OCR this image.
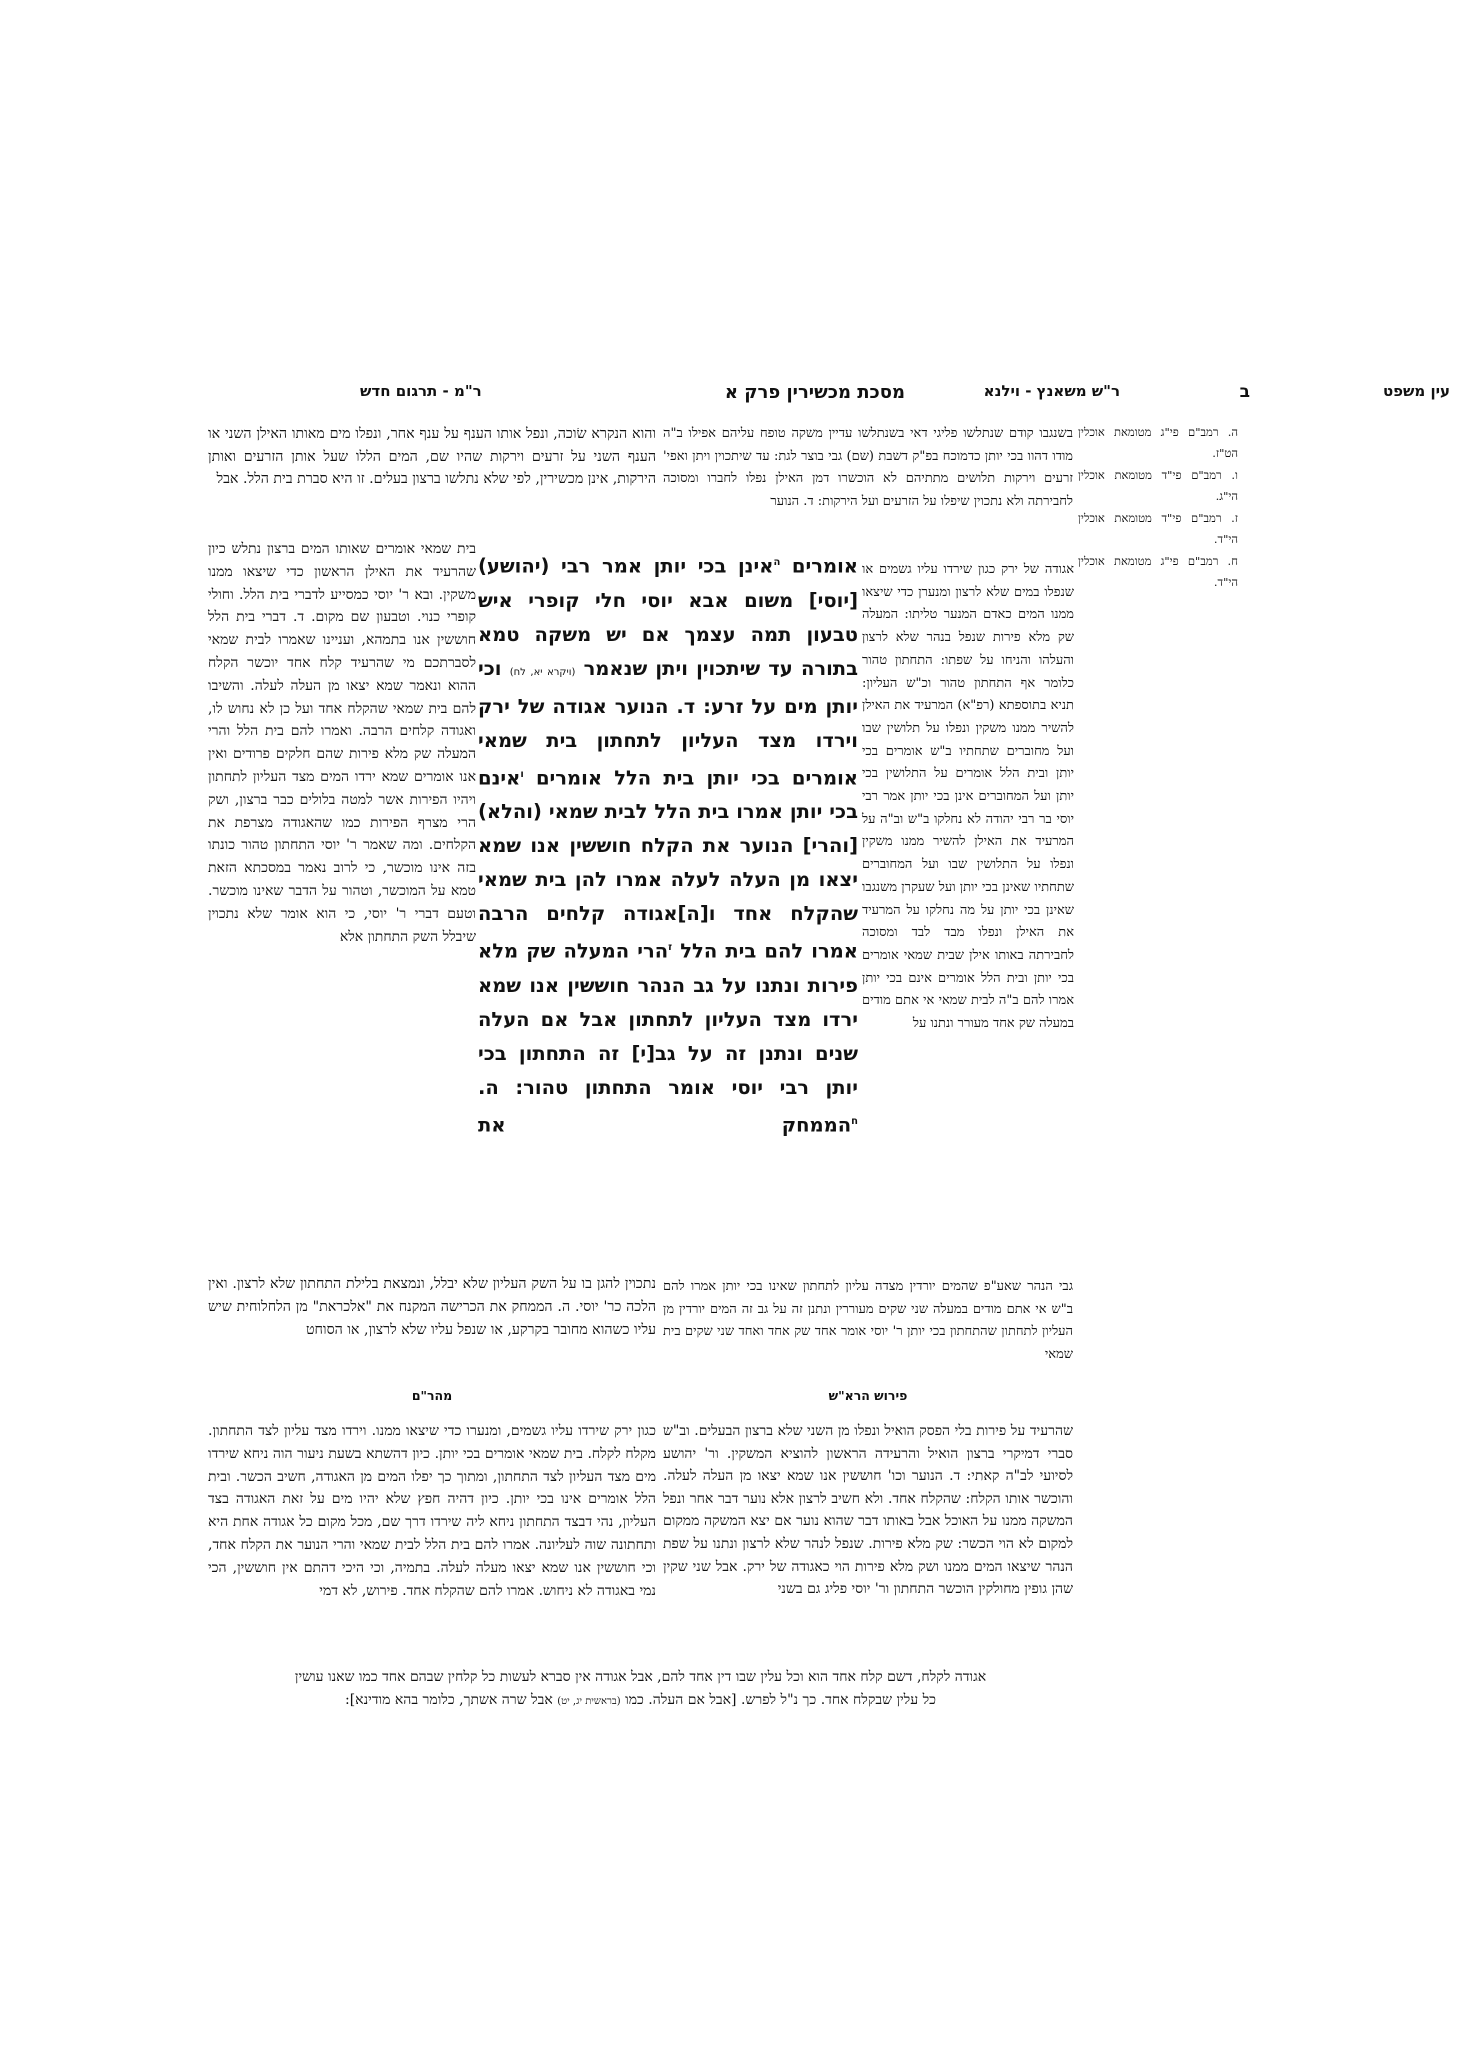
עין משפט
ב
ר"ש משאנץ - וילנא
מסכת מכשירין פרק א
ר"מ - תרגום חדש
ה. רמב"ם פי"ג מטומאת אוכלין הט"ז.
ו. רמב"ם פי"ד מטומאת אוכלין הי"ג.
ז. רמב"ם פי"ד מטומאת אוכלין הי"ד.
ח. רמב"ם פי"ג מטומאת אוכלין הי"ד.

בשנגבו קודם שנתלשו פליגי דאי בשנתלשו עדיין משקה טופח עליהם אפילו ב"ה מודו דהוו בכי יותן כדמוכח בפ"ק דשבת (שם) גבי בוצר לגת: עד שיתכוין ויתן ואפי' זרעים וירקות תלושים מתתיהם לא הוכשרו דמן האילן נפלו לחברו ומסוכה לחבירתה ולא נתכוין שיפלו על הזרעים ועל הירקות: ד. הנוער

אגודה של ירק כגון שירדו עליו גשמים או שנפלו במים שלא לרצון ומנערן כדי שיצאו ממנו המים כאדם המנער טליתו: המעלה שק מלא פירות שנפל בנהר שלא לרצון והעלהו והניחו על שפתו: התחתון טהור כלומר אף התחתון טהור וכ"ש העליון: תניא בתוספתא (רפ"א) המרעיד את האילן להשיר ממנו משקין ונפלו על תלושין שבו ועל מחוברים שתחתיו ב"ש אומרים בכי יותן ובית הלל אומרים על התלושין בכי יותן ועל המחוברים אינן בכי יותן אמר רבי יוסי בר רבי יהודה לא נחלקו ב"ש וב"ה על המרעיד את האילן להשיר ממנו משקין ונפלו על התלושין שבו ועל המחוברים שתחתיו שאינן בכי יותן ועל שעקרן משנגבו שאינן בכי יותן על מה נחלקו על המרעיד את האילן ונפלו מבד לבד ומסוכה לחבירתה באותו אילן שבית שמאי אומרים בכי יותן ובית הלל אומרים אינם בכי יותן אמרו להם ב"ה לבית שמאי אי אתם מודים במעלה שק אחד מעורר ונתנו על

והוא הנקרא שׂוכה, ונפל אותו הענף על ענף אחר, ונפלו מים מאותו האילן השני או הענף השני על זרעים וירקות שהיו שם, המים הללו שעל אותן הזרעים ואותן הירקות, אינן מכשירין, לפי שלא נתלשו ברצון בעלים. זו היא סברת בית הלל. אבל

בית שמאי אומרים שאותו המים ברצון נתלש כיון שהרעיד את האילן הראשון כדי שיצאו ממנו משקין. ובא ר' יוסי כמסייע לדברי בית הלל. וחולי קופרי כנוי. וטבעון שם מקום. ד. דברי בית הלל חוששין אנו בתמהא, ועניינו שאמרו לבית שמאי לסברתכם מי שהרעיד קלח אחד יוכשר הקלח ההוא ונאמר שמא יצאו מן העלה לעלה. והשיבו להם בית שמאי שהקלח אחד ועל כן לא נחוש לו, ואגודה קלחים הרבה. ואמרו להם בית הלל והרי המעלה שק מלא פירות שהם חלקים פרודים ואין אנו אומרים שמא ירדו המים מצד העליון לתחתון ויהיו הפירות אשר למטה בלולים כבר ברצון, ושק הרי מצרף הפירות כמו שהאגודה מצרפת את הקלחים. ומה שאמר ר' יוסי התחתון טהור כונתו בזה אינו מוכשר, כי לרוב נאמר במסכתא הזאת טמא על המוכשר, וטהור על הדבר שאינו מוכשר. וטעם דברי ר' יוסי, כי הוא אומר שלא נתכוין שיבלל השק התחתון אלא

אומרים $^ה$אינן בכי יותן אמר רבי (יהושע) [יוסי] משום אבא יוסי חלי קופרי איש טבעון תמה עצמך אם יש משקה טמא בתורה עד שיתכוין ויתן שנאמר (ויקרא יא, לח) וכי יותן מים על זרע: ד. הנוער אגודה של ירק וירדו מצד העליון לתחתון בית שמאי אומרים בכי יותן בית הלל אומרים $^ו$אינם בכי יותן אמרו בית הלל לבית שמאי (והלא) [והרי] הנוער את הקלח חוששין אנו שמא יצאו מן העלה לעלה אמרו להן בית שמאי שהקלח אחד ו[ה]אגודה קלחים הרבה אמרו להם בית הלל $^ז$הרי המעלה שק מלא פירות ונתנו על גב הנהר חוששין אנו שמא ירדו מצד העליון לתחתון אבל אם העלה שנים ונתנן זה על גב[י] זה התחתון בכי יותן רבי יוסי אומר התחתון טהור: ה. $^ח$הממחק את

גבי הנהר שאע"פ שהמים יורדין מצדה עליון לתחתון שאינו בכי יותן אמרו להם ב"ש אי אתם מודים במעלה שני שקים מעוררין ונתנן זה על גב זה המים יורדין מן העליון לתחתון שהתחתון בכי יותן ר' יוסי אומר אחד שק אחד ואחד שני שקים בית שמאי

נתכוין להגן בו על השק העליון שלא יבלל, ונמצאת בלילת התחתון שלא לרצון. ואין הלכה כר' יוסי. ה. הממחק את הכרישה המקנח את "אלכראת" מן הלחלוחית שיש עליו כשהוא מחובר בקרקע, או שנפל עליו שלא לרצון, או הסוחט

פירוש הרא"ש
מהר"ם

שהרעיד על פירות בלי הפסק הואיל ונפלו מן השני שלא ברצון הבעלים. וב"ש סברי דמיקרי ברצון הואיל והרעידה הראשון להוציא המשקין. ור' יהושע לסיועי לב"ה קאתי: ד. הנוער וכו' חוששין אנו שמא יצאו מן העלה לעלה. והוכשר אותו הקלח: שהקלח אחד. ולא חשיב לרצון אלא נוער דבר אחר ונפל המשקה ממנו על האוכל אבל באותו דבר שהוא נוער אם יצא המשקה ממקום למקום לא הוי הכשר: שק מלא פירות. שנפל לנהר שלא לרצון ונתנו על שפת הנהר שיצאו המים ממנו ושק מלא פירות הוי כאגודה של ירק. אבל שני שקין שהן גופין מחולקין הוכשר התחתון ור' יוסי פליג גם בשני

כגון ירק שירדו עליו גשמים, ומנערו כדי שיצאו ממנו. וירדו מצד עליון לצד התחתון. מקלח לקלח. בית שמאי אומרים בכי יותן. כיון דהשתא בשעת ניעור הוה ניחא שירדו מים מצד העליון לצד התחתון, ומתוך כך יפלו המים מן האגודה, חשיב הכשר. ובית הלל אומרים אינו בכי יותן. כיון דהיה חפץ שלא יהיו מים על זאת האגודה בצד העליון, נהי דבצד התחתון ניחא ליה שירדו דרך שם, מכל מקום כל אגודה אחת היא ותחתונה שוה לעליונה. אמרו להם בית הלל לבית שמאי והרי הנוער את הקלח אחד, וכי חוששין אנו שמא יצאו מעלה לעלה. בתמיה, וכי היכי דהתם אין חוששין, הכי נמי באגודה לא ניחוש. אמרו להם שהקלח אחד. פירוש, לא דמי

אגודה לקלח, דשם קלח אחד הוא וכל עלין שבו דין אחד להם, אבל אגודה אין סברא לעשות כל קלחין שבהם אחד כמו שאנו עושין
כל עלין שבקלח אחד. כך נ"ל לפרש. [אבל אם העלה. כמו (בראשית יג, יט) אבל שרה אשתך, כלומר בהא מודינא]:
